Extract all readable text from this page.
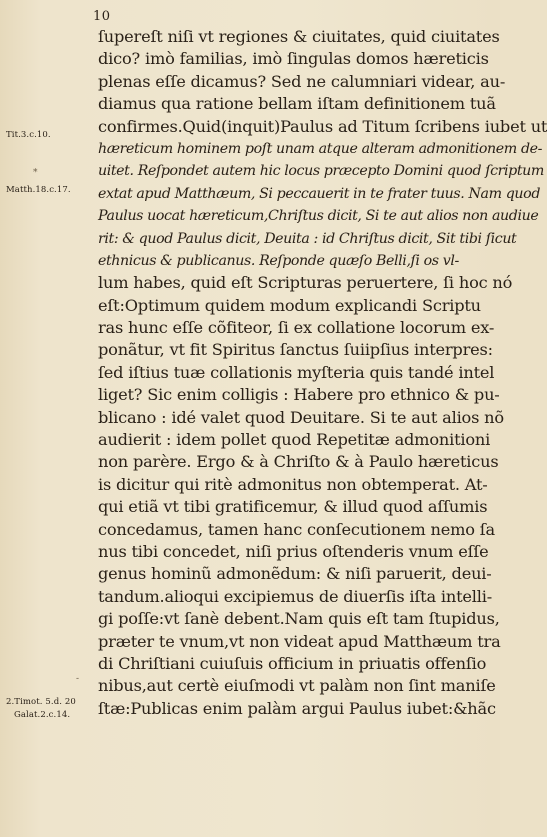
10
Tit.3.c.10.
Matth.18.c.17.
2.Timot. 5.d. 20
Galat.2.c.14.
*
-
ſupereſt niſi vt regiones & ciuitates, quid ciuitates
dico? imò familias, imò ſingulas domos hæreticis
plenas eſſe dicamus? Sed ne calumniari videar, au-
diamus qua ratione bellam iſtam definitionem tuã
confirmes.Quid(inquit)Paulus ad Titum ſcribens iubet ut
hæreticum hominem poſt unam atque alteram admonitionem de-
uitet. Reſpondet autem hic locus præcepto Domini quod ſcriptum
extat apud Matthæum, Si peccauerit in te frater tuus. Nam quod
Paulus uocat hæreticum,Chriſtus dicit, Si te aut alios non audiue
rit: & quod Paulus dicit, Deuita : id Chriſtus dicit, Sit tibi ſicut
ethnicus & publicanus. Reſponde quæſo Belli,ſi os vl-
lum habes, quid eſt Scripturas peruertere, ſi hoc nó
eſt:Optimum quidem modum explicandi Scriptu
ras hunc eſſe cõfiteor, ſi ex collatione locorum ex-
ponãtur, vt fit Spiritus ſanctus ſuiipſius interpres:
ſed iſtius tuæ collationis myſteria quis tandé intel
liget? Sic enim colligis : Habere pro ethnico & pu-
blicano : idé valet quod Deuitare. Si te aut alios nõ
audierit : idem pollet quod Repetitæ admonitioni
non parère. Ergo & à Chriſto & à Paulo hæreticus
is dicitur qui ritè admonitus non obtemperat. At-
qui etiã vt tibi gratificemur, & illud quod aſſumis
concedamus, tamen hanc conſecutionem nemo ſa
nus tibi concedet, niſi prius oſtenderis vnum eſſe
genus hominũ admonẽdum: & niſi paruerit, deui-
tandum.alioqui excipiemus de diuerſis iſta intelli-
gi poſſe:vt ſanè debent.Nam quis eſt tam ſtupidus,
præter te vnum,vt non videat apud Matthæum tra
di Chriſtiani cuiuſuis officium in priuatis offenſio
nibus,aut certè eiuſmodi vt palàm non ſint maniſe
ſtæ:Publicas enim palàm argui Paulus iubet:&hãc
